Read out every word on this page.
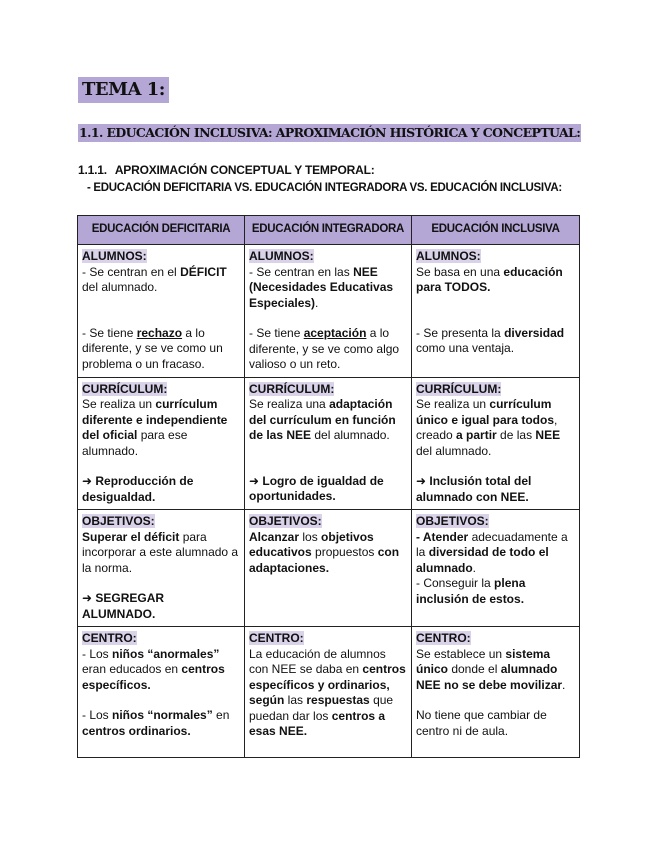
TEMA 1:
1.1. EDUCACIÓN INCLUSIVA: APROXIMACIÓN HISTÓRICA Y CONCEPTUAL:
1.1.1. APROXIMACIÓN CONCEPTUAL Y TEMPORAL:
- EDUCACIÓN DEFICITARIA VS. EDUCACIÓN INTEGRADORA VS. EDUCACIÓN INCLUSIVA:
EDUCACIÓN DEFICITARIA	EDUCACIÓN INTEGRADORA	EDUCACIÓN INCLUSIVA
ALUMNOS:
- Se centran en el DÉFICIT del alumnado.
- Se tiene rechazo a lo diferente, y se ve como un problema o un fracaso.	ALUMNOS:
- Se centran en las NEE (Necesidades Educativas Especiales).
- Se tiene aceptación a lo diferente, y se ve como algo valioso o un reto.	ALUMNOS:
Se basa en una educación para TODOS.
- Se presenta la diversidad como una ventaja.
CURRÍCULUM:
Se realiza un currículum diferente e independiente del oficial para ese alumnado.
➜ Reproducción de desigualdad.	CURRÍCULUM:
Se realiza una adaptación del currículum en función de las NEE del alumnado.
➜ Logro de igualdad de oportunidades.	CURRÍCULUM:
Se realiza un currículum único e igual para todos, creado a partir de las NEE del alumnado.
➜ Inclusión total del alumnado con NEE.
OBJETIVOS:
Superar el déficit para incorporar a este alumnado a la norma.
➜ SEGREGAR ALUMNADO.	OBJETIVOS:
Alcanzar los objetivos educativos propuestos con adaptaciones.	OBJETIVOS:
- Atender adecuadamente a la diversidad de todo el alumnado.
- Conseguir la plena inclusión de estos.
CENTRO:
- Los niños “anormales” eran educados en centros específicos.
- Los niños “normales” en centros ordinarios.	CENTRO:
La educación de alumnos con NEE se daba en centros específicos y ordinarios, según las respuestas que puedan dar los centros a esas NEE.	CENTRO:
Se establece un sistema único donde el alumnado NEE no se debe movilizar.
No tiene que cambiar de centro ni de aula.
